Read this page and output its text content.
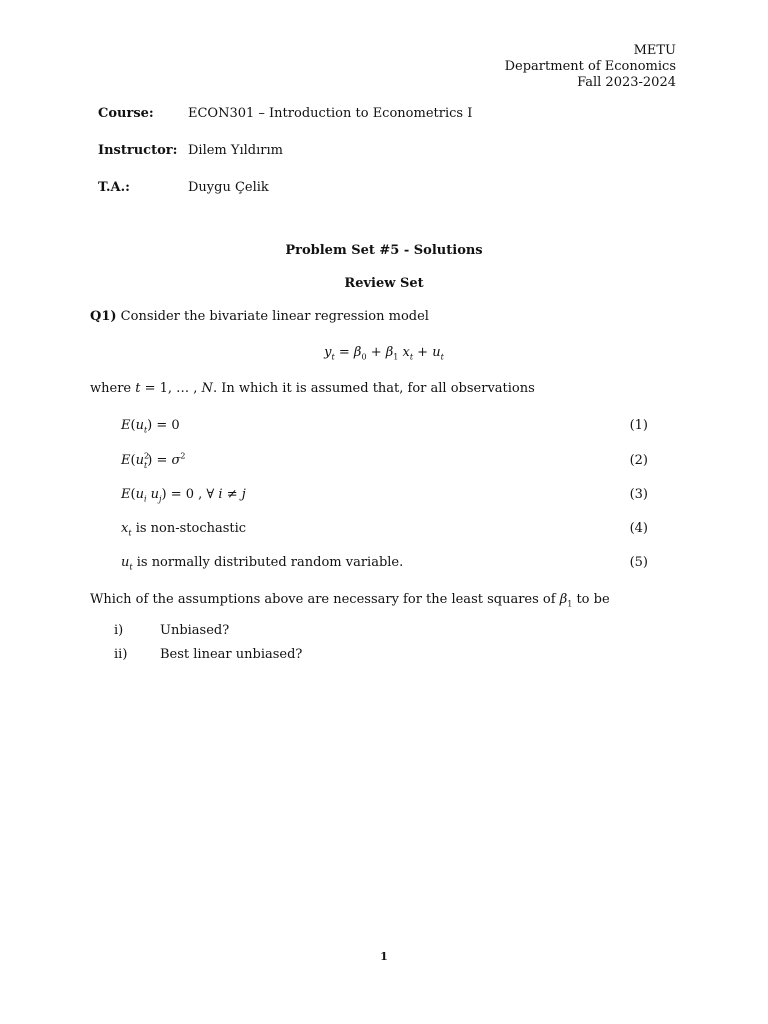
METU
Department of Economics
Fall 2023-2024
Course:	ECON301 – Introduction to Econometrics I
Instructor: Dilem Yıldırım
T.A.:	Duygu Çelik
Problem Set #5 - Solutions
Review Set
Q1) Consider the bivariate linear regression model
$y_t = \beta_0 + \beta_1$ $x_t + u_t$
where t = 1, … , N. In which it is assumed that, for all observations
$E(u_t) = 0$	(1)
$E(u^2_t) = \sigma^2$	(2)
$E(u_i$ $u_j) = 0$ , ∀ i ≠ j	(3)
$x_t$ is non-stochastic	(4)
$u_t$ is normally distributed random variable.	(5)
Which of the assumptions above are necessary for the least squares of $\beta_1$ to be
i)	Unbiased?
ii)	Best linear unbiased?
1
